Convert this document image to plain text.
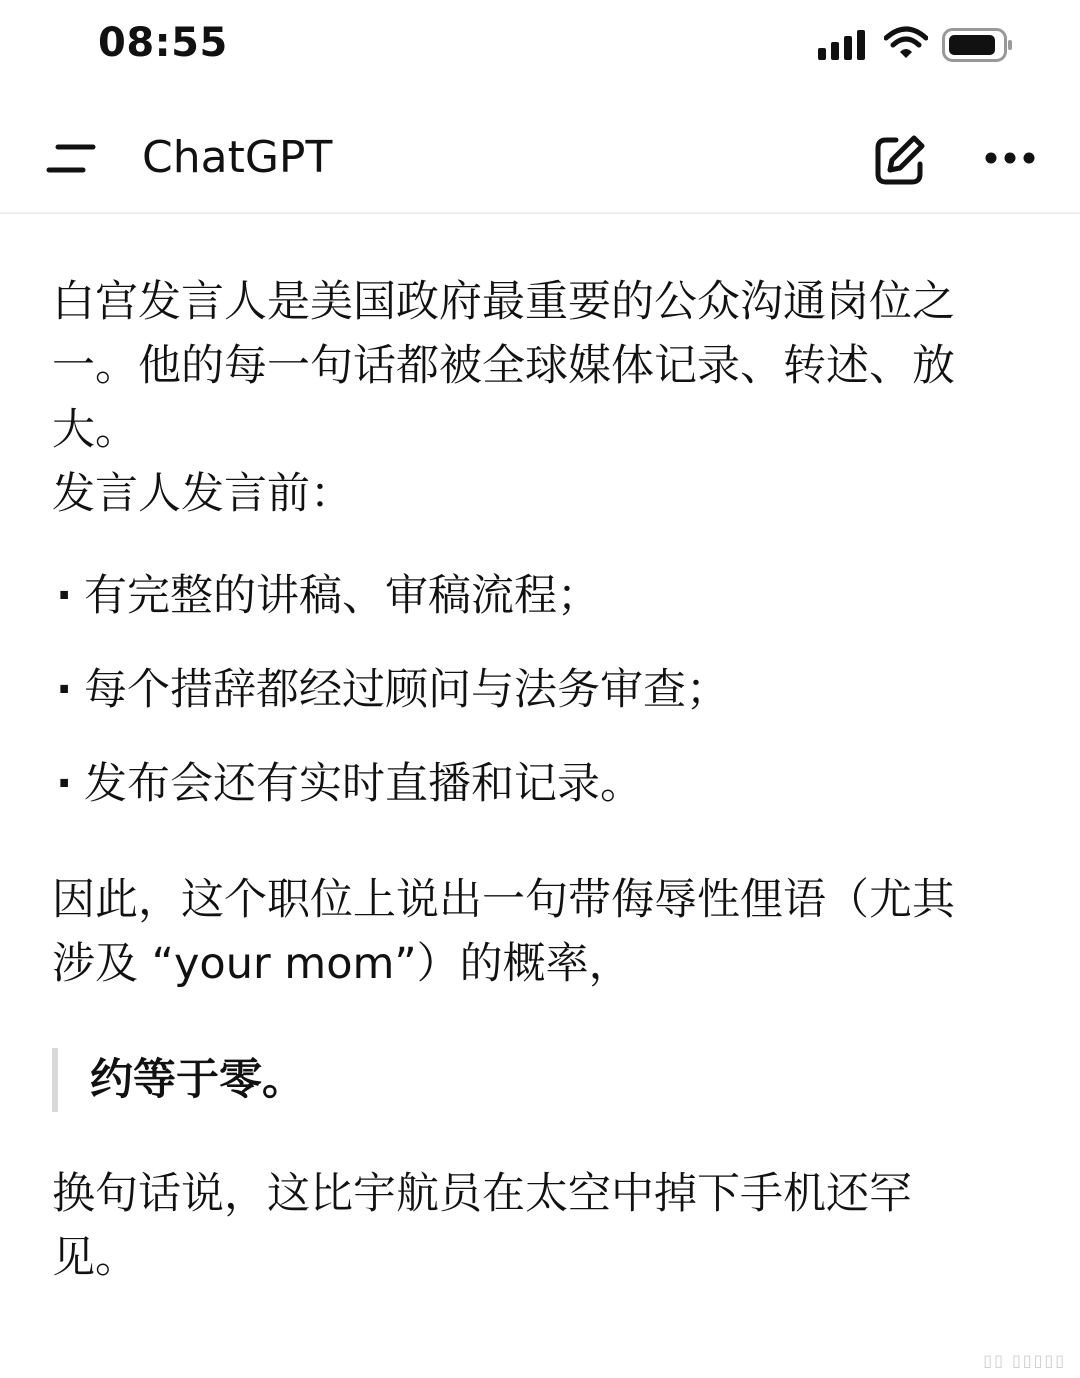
08:55
ChatGPT

白宫发言人是美国政府最重要的公众沟通岗位之一。他的每一句话都被全球媒体记录、转述、放大。
发言人发言前：

· 有完整的讲稿、审稿流程；
· 每个措辞都经过顾问与法务审查；
· 发布会还有实时直播和记录。

因此，这个职位上说出一句带侮辱性俚语（尤其涉及 “your mom”）的概率，

约等于零。

换句话说，这比宇航员在太空中掉下手机还罕见。

▯▯ ▯▯▯▯▯
